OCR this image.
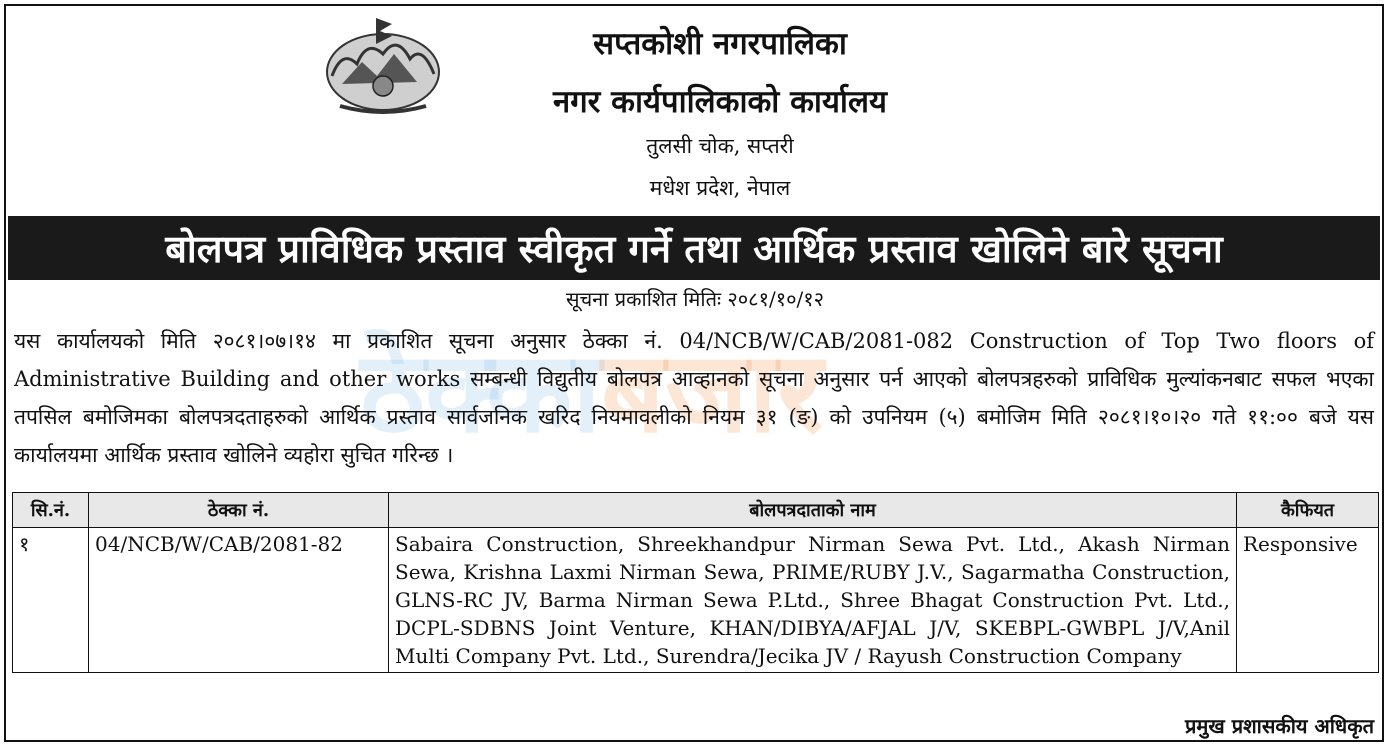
सप्तकोशी नगरपालिका
नगर कार्यपालिकाको कार्यालय
तुलसी चोक, सप्तरी
मधेश प्रदेश, नेपाल
बोलपत्र प्राविधिक प्रस्ताव स्वीकृत गर्ने तथा आर्थिक प्रस्ताव खोलिने बारे सूचना
सूचना प्रकाशित मितिः २०८१/१०/१२
ठेक्काबजार
यस कार्यालयको मिति २०८१।०७।१४ मा प्रकाशित सूचना अनुसार ठेक्का नं. 04/NCB/W/CAB/2081-082 Construction of Top Two floors of Administrative Building and other works सम्बन्धी विद्युतीय बोलपत्र आव्हानको सूचना अनुसार पर्न आएको बोलपत्रहरुको प्राविधिक मुल्यांकनबाट सफल भएका तपसिल बमोजिमका बोलपत्रदताहरुको आर्थिक प्रस्ताव सार्वजनिक खरिद नियमावलीको नियम ३१ (ङ) को उपनियम (५) बमोजिम मिति २०८१।१०।२० गते ११:०० बजे यस कार्यालयमा आर्थिक प्रस्ताव खोलिने व्यहोरा सुचित गरिन्छ ।
सि.नं.	ठेक्का नं.	बोलपत्रदाताको नाम	कैफियत
१	04/NCB/W/CAB/2081-82	Sabaira Construction, Shreekhandpur Nirman Sewa Pvt. Ltd., Akash Nirman Sewa, Krishna Laxmi Nirman Sewa, PRIME/RUBY J.V., Sagarmatha Construction, GLNS-RC JV, Barma Nirman Sewa P.Ltd., Shree Bhagat Construction Pvt. Ltd., DCPL-SDBNS Joint Venture, KHAN/DIBYA/AFJAL J/V, SKEBPL-GWBPL J/V,Anil Multi Company Pvt. Ltd., Surendra/Jecika JV / Rayush Construction Company	Responsive
प्रमुख प्रशासकीय अधिकृत
